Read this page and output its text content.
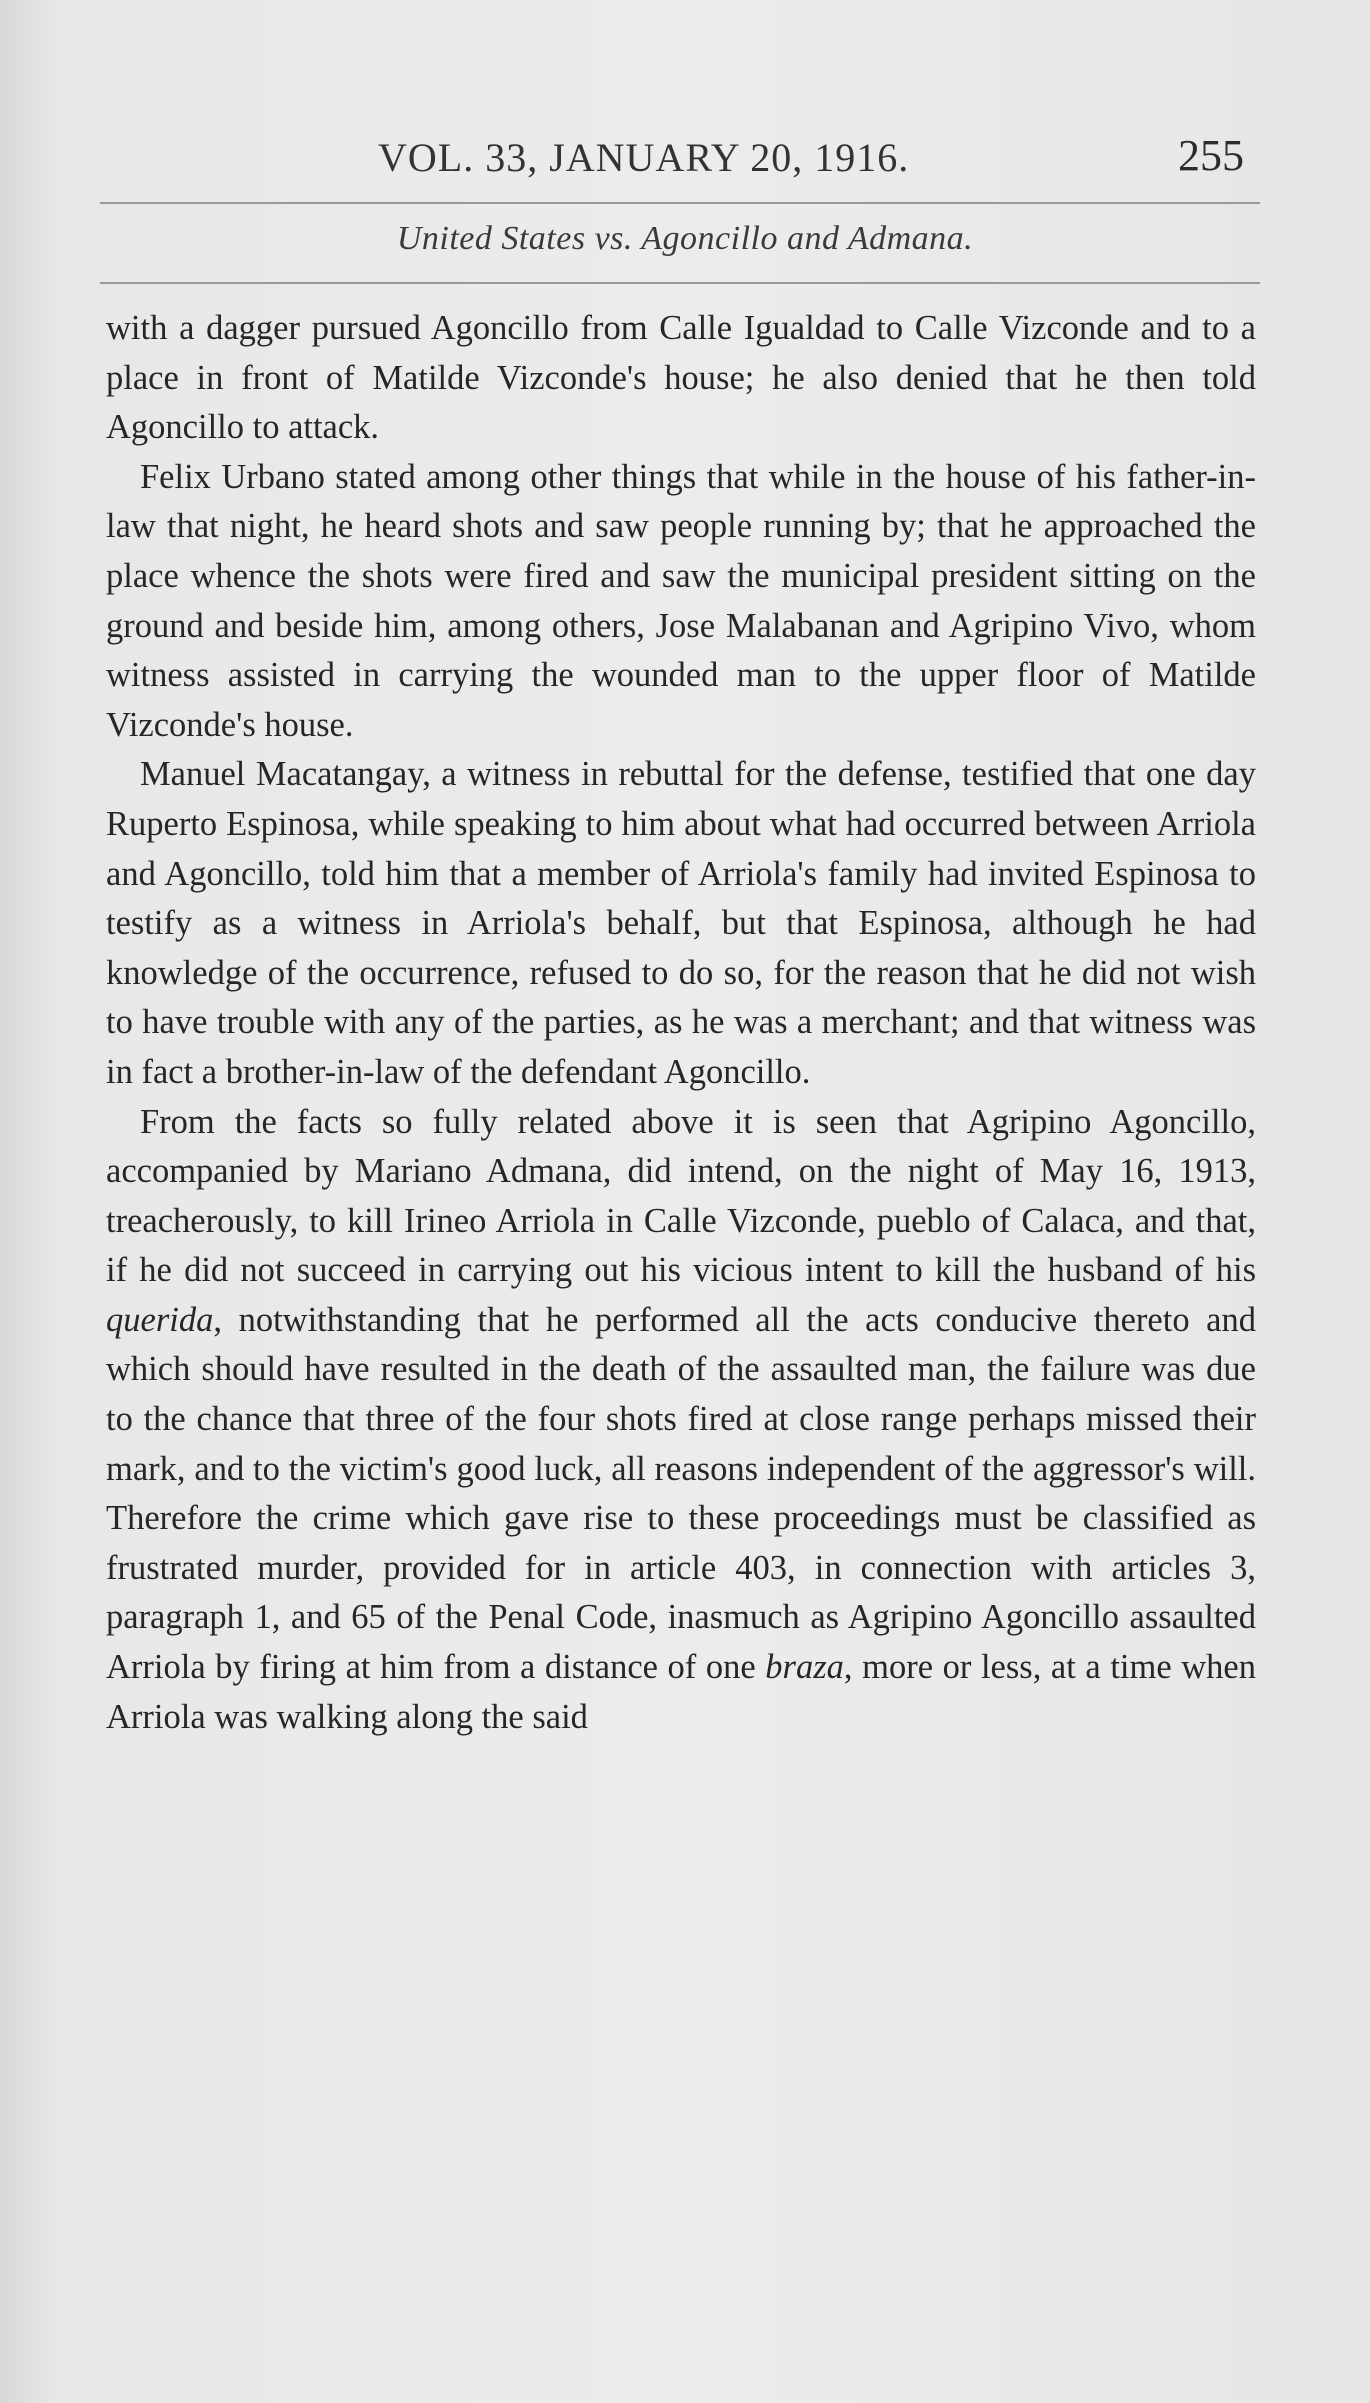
VOL. 33, JANUARY 20, 1916.	255
United States vs. Agoncillo and Admana.

with a dagger pursued Agoncillo from Calle Igualdad to Calle Vizconde and to a place in front of Matilde Vizconde's house; he also denied that he then told Agoncillo to attack.

Felix Urbano stated among other things that while in the house of his father-in-law that night, he heard shots and saw people running by; that he approached the place whence the shots were fired and saw the municipal president sitting on the ground and beside him, among others, Jose Malabanan and Agripino Vivo, whom witness assisted in carrying the wounded man to the upper floor of Matilde Vizconde's house.

Manuel Macatangay, a witness in rebuttal for the defense, testified that one day Ruperto Espinosa, while speaking to him about what had occurred between Arriola and Agoncillo, told him that a member of Arriola's family had invited Espinosa to testify as a witness in Arriola's behalf, but that Espinosa, although he had knowledge of the occurrence, refused to do so, for the reason that he did not wish to have trouble with any of the parties, as he was a merchant; and that witness was in fact a brother-in-law of the defendant Agoncillo.

From the facts so fully related above it is seen that Agripino Agoncillo, accompanied by Mariano Admana, did intend, on the night of May 16, 1913, treacherously, to kill Irineo Arriola in Calle Vizconde, pueblo of Calaca, and that, if he did not succeed in carrying out his vicious intent to kill the husband of his querida, notwithstanding that he performed all the acts conducive thereto and which should have resulted in the death of the assaulted man, the failure was due to the chance that three of the four shots fired at close range perhaps missed their mark, and to the victim's good luck, all reasons independent of the aggressor's will. Therefore the crime which gave rise to these proceedings must be classified as frustrated murder, provided for in article 403, in connection with articles 3, paragraph 1, and 65 of the Penal Code, inasmuch as Agripino Agoncillo assaulted Arriola by firing at him from a distance of one braza, more or less, at a time when Arriola was walking along the said
